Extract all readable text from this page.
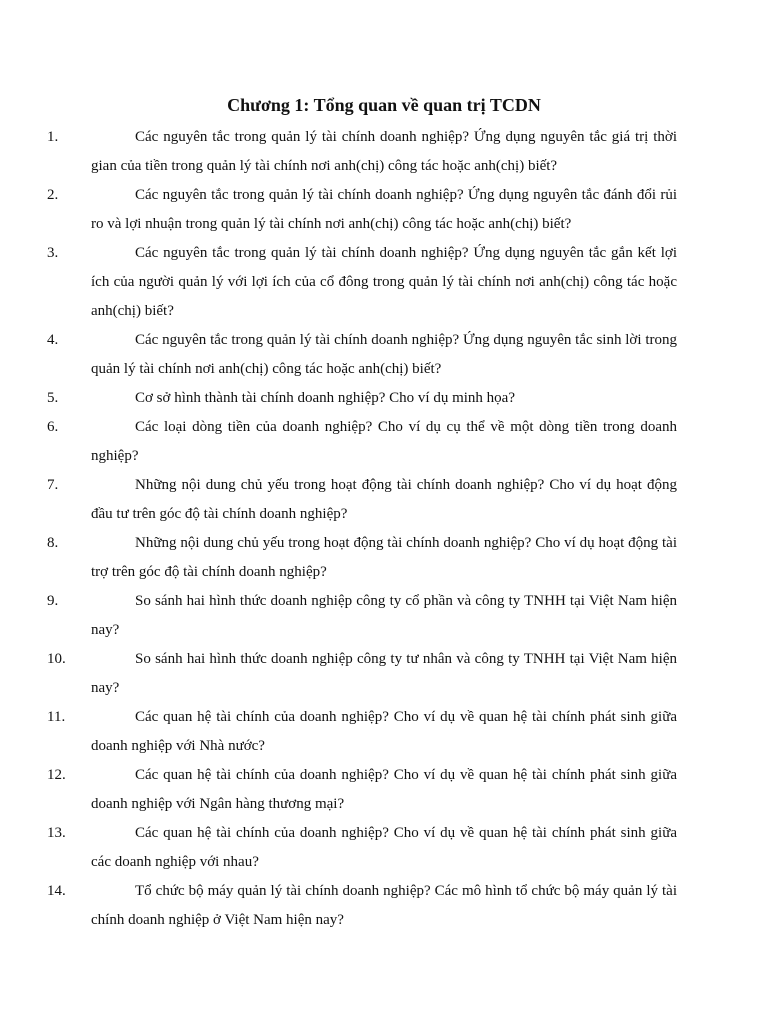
Chương 1: Tổng quan về quan trị TCDN
1.	Các nguyên tắc trong quản lý tài chính doanh nghiệp? Ứng dụng nguyên tắc giá trị thời gian của tiền trong quản lý tài chính nơi anh(chị) công tác hoặc anh(chị) biết?
2.	Các nguyên tắc trong quản lý tài chính doanh nghiệp? Ứng dụng nguyên tắc đánh đổi rủi ro và lợi nhuận trong quản lý tài chính nơi anh(chị) công tác hoặc anh(chị) biết?
3.	Các nguyên tắc trong quản lý tài chính doanh nghiệp? Ứng dụng nguyên tắc gắn kết lợi ích của người quản lý với lợi ích của cổ đông trong quản lý tài chính nơi anh(chị) công tác hoặc anh(chị) biết?
4.	Các nguyên tắc trong quản lý tài chính doanh nghiệp? Ứng dụng nguyên tắc sinh lời trong quản lý tài chính nơi anh(chị) công tác hoặc anh(chị) biết?
5.	Cơ sở hình thành tài chính doanh nghiệp? Cho ví dụ minh họa?
6.	Các loại dòng tiền của doanh nghiệp? Cho ví dụ cụ thể về một dòng tiền trong doanh nghiệp?
7.	Những nội dung chủ yếu trong hoạt động tài chính doanh nghiệp? Cho ví dụ hoạt động đầu tư trên góc độ tài chính doanh nghiệp?
8.	Những nội dung chủ yếu trong hoạt động tài chính doanh nghiệp? Cho ví dụ hoạt động tài trợ trên góc độ tài chính doanh nghiệp?
9.	So sánh hai hình thức doanh nghiệp công ty cổ phần và công ty TNHH tại Việt Nam hiện nay?
10.	So sánh hai hình thức doanh nghiệp công ty tư nhân và công ty TNHH tại Việt Nam hiện nay?
11.	Các quan hệ tài chính của doanh nghiệp? Cho ví dụ về quan hệ tài chính phát sinh giữa doanh nghiệp với Nhà nước?
12.	Các quan hệ tài chính của doanh nghiệp? Cho ví dụ về quan hệ tài chính phát sinh giữa doanh nghiệp với Ngân hàng thương mại?
13.	Các quan hệ tài chính của doanh nghiệp? Cho ví dụ về quan hệ tài chính phát sinh giữa các doanh nghiệp với nhau?
14.	Tổ chức bộ máy quản lý tài chính doanh nghiệp? Các mô hình tổ chức bộ máy quản lý tài chính doanh nghiệp ở Việt Nam hiện nay?
